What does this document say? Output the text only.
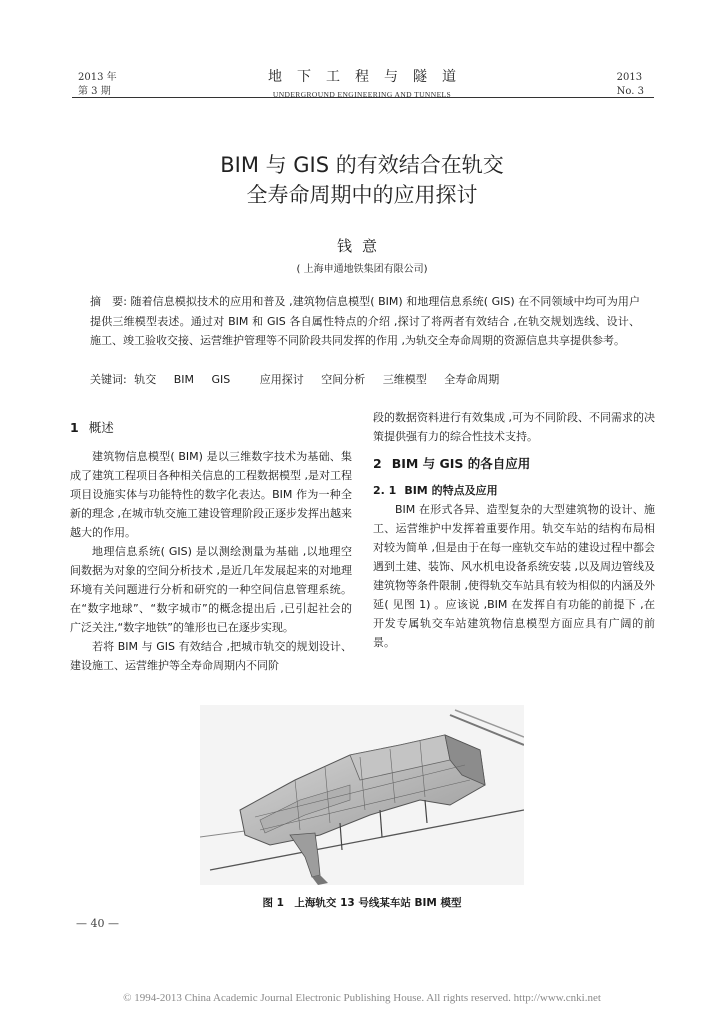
2013 年
第 3 期
地下工程与隧道
UNDERGROUND ENGINEERING AND TUNNELS
2013
No. 3
BIM 与 GIS 的有效结合在轨交
全寿命周期中的应用探讨
钱意
( 上海申通地铁集团有限公司)
摘　要: 随着信息模拟技术的应用和普及 ,建筑物信息模型( BIM) 和地理信息系统( GIS) 在不同领域中均可为用户提供三维模型表述。通过对 BIM 和 GIS 各自属性特点的介绍 ,探讨了将两者有效结合 ,在轨交规划选线、设计、施工、竣工验收交接、运营维护管理等不同阶段共同发挥的作用 ,为轨交全寿命周期的资源信息共享提供参考。
关键词: 轨交 BIM GIS	应用探讨 空间分析 三维模型 全寿命周期
1 概述

建筑物信息模型( BIM) 是以三维数字技术为基础、集成了建筑工程项目各种相关信息的工程数据模型 ,是对工程项目设施实体与功能特性的数字化表达。BIM 作为一种全新的理念 ,在城市轨交施工建设管理阶段正逐步发挥出越来越大的作用。

地理信息系统( GIS) 是以测绘测量为基础 ,以地理空间数据为对象的空间分析技术 ,是近几年发展起来的对地理环境有关问题进行分析和研究的一种空间信息管理系统。在“数字地球”、“数字城市”的概念提出后 ,已引起社会的广泛关注,“数字地铁”的雏形也已在逐步实现。

若将 BIM 与 GIS 有效结合 ,把城市轨交的规划设计、建设施工、运营维护等全寿命周期内不同阶

段的数据资料进行有效集成 ,可为不同阶段、不同需求的决策提供强有力的综合性技术支持。

2 BIM 与 GIS 的各自应用
2. 1 BIM 的特点及应用

BIM 在形式各异、造型复杂的大型建筑物的设计、施工、运营维护中发挥着重要作用。轨交车站的结构布局相对较为简单 ,但是由于在每一座轨交车站的建设过程中都会遇到土建、装饰、风水机电设备系统安装 ,以及周边管线及建筑物等条件限制 ,使得轨交车站具有较为相似的内涵及外延( 见图 1) 。应该说 ,BIM 在发挥自有功能的前提下 ,在开发专属轨交车站建筑物信息模型方面应具有广阔的前景。

图 1　上海轨交 13 号线某车站 BIM 模型
— 40 —
© 1994-2013 China Academic Journal Electronic Publishing House. All rights reserved. http://www.cnki.net
